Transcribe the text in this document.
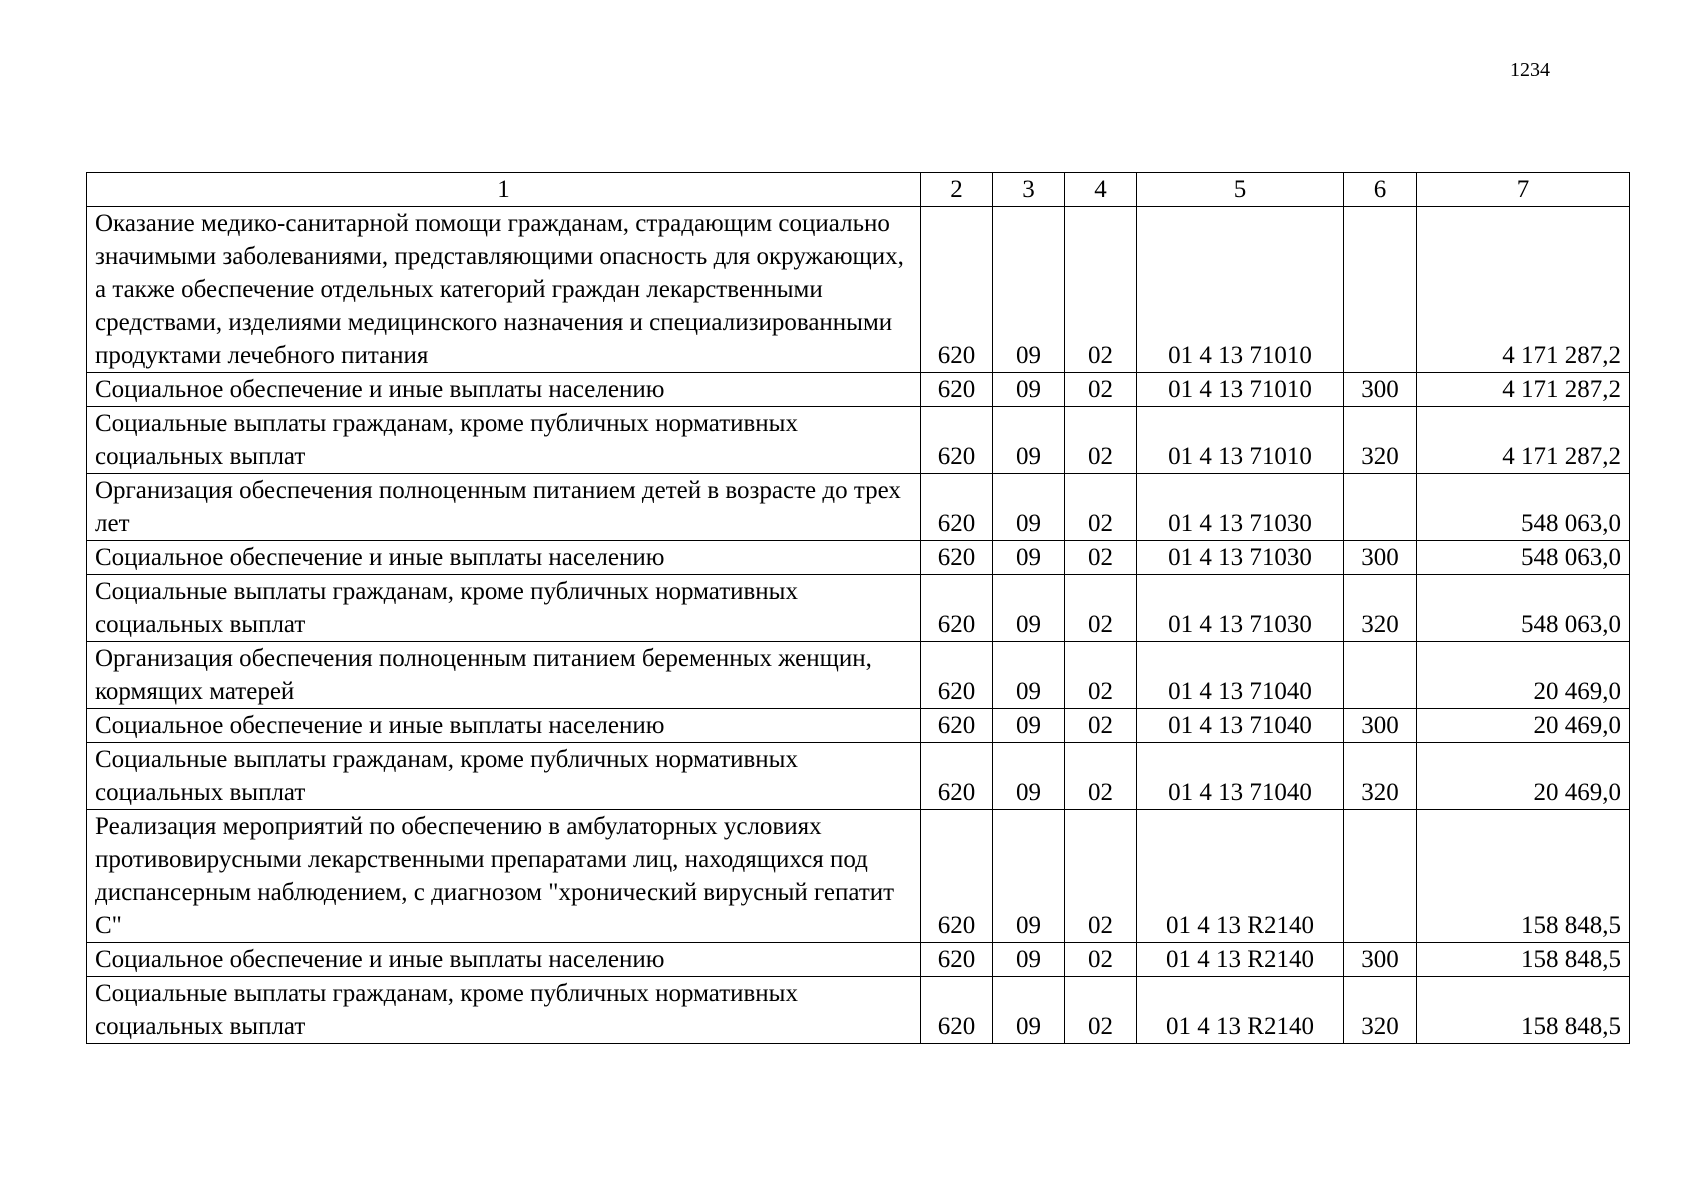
1234
1	2	3	4	5	6	7
Оказание медико-санитарной помощи гражданам, страдающим социально значимыми заболеваниями, представляющими опасность для окружающих, а также обеспечение отдельных категорий граждан лекарственными средствами, изделиями медицинского назначения и специализированными продуктами лечебного питания	620	09	02	01 4 13 71010		4 171 287,2
Социальное обеспечение и иные выплаты населению	620	09	02	01 4 13 71010	300	4 171 287,2
Социальные выплаты гражданам, кроме публичных нормативных социальных выплат	620	09	02	01 4 13 71010	320	4 171 287,2
Организация обеспечения полноценным питанием детей в возрасте до трех лет	620	09	02	01 4 13 71030		548 063,0
Социальное обеспечение и иные выплаты населению	620	09	02	01 4 13 71030	300	548 063,0
Социальные выплаты гражданам, кроме публичных нормативных социальных выплат	620	09	02	01 4 13 71030	320	548 063,0
Организация обеспечения полноценным питанием беременных женщин, кормящих матерей	620	09	02	01 4 13 71040		20 469,0
Социальное обеспечение и иные выплаты населению	620	09	02	01 4 13 71040	300	20 469,0
Социальные выплаты гражданам, кроме публичных нормативных социальных выплат	620	09	02	01 4 13 71040	320	20 469,0
Реализация мероприятий по обеспечению в амбулаторных условиях противовирусными лекарственными препаратами лиц, находящихся под диспансерным наблюдением, с диагнозом "хронический вирусный гепатит С"	620	09	02	01 4 13 R2140		158 848,5
Социальное обеспечение и иные выплаты населению	620	09	02	01 4 13 R2140	300	158 848,5
Социальные выплаты гражданам, кроме публичных нормативных социальных выплат	620	09	02	01 4 13 R2140	320	158 848,5
